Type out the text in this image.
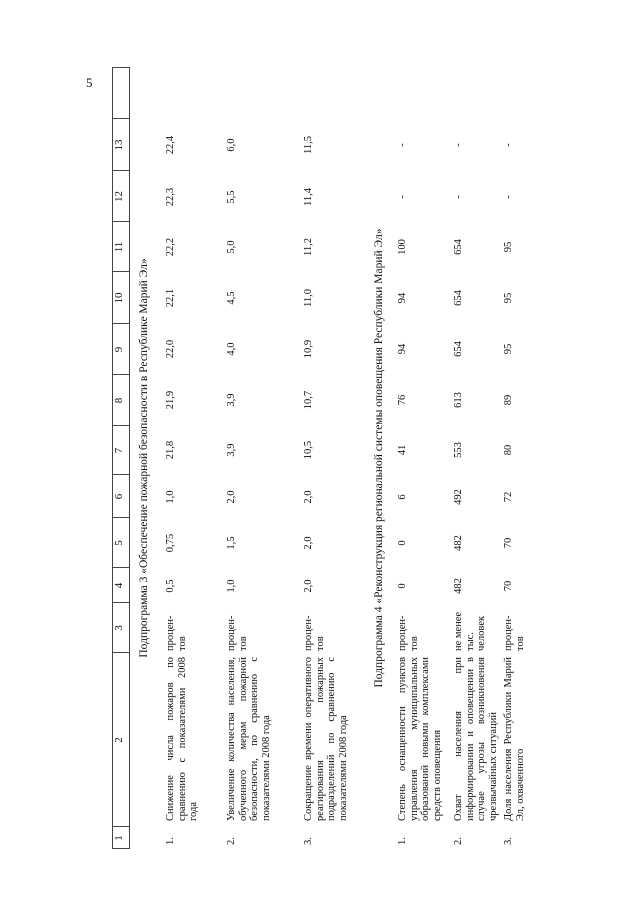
5
1
2
3
4
5
6
7
8
9
10
11
12
13
Подпрограмма 3 «Обеспечение пожарной безопасности в Республике Марий Эл»
1.
Снижение числа пожаров по сравнению с показателями 2008 года
процен-тов
0,5
0,75
1,0
21,8
21,9
22,0
22,1
22,2
22,3
22,4
2.
Увеличение количества населения, обученного мерам пожарной безопасности, по сравнению с показателями 2008 года
процен-тов
1,0
1,5
2,0
3,9
3,9
4,0
4,5
5,0
5,5
6,0
3.
Сокращение времени оперативного реагирования пожарных подразделений по сравнению с показателями 2008 года
процен-тов
2,0
2,0
2,0
10,5
10,7
10,9
11,0
11,2
11,4
11,5
Подпрограмма 4 «Реконструкция региональной системы оповещения Республики Марий Эл»
1.
Степень оснащенности пунктов управления муниципальных образований новыми комплексами средств оповещения
процен-тов
0
0
6
41
76
94
94
100
-
-
2.
Охват населения при информировании и оповещении в случае угрозы возникновения чрезвычайных ситуаций
не менее тыс. человек
482
482
492
553
613
654
654
654
-
-
3.
Доля населения Республики Марий Эл, охваченного
процен-тов
70
70
72
80
89
95
95
95
-
-
